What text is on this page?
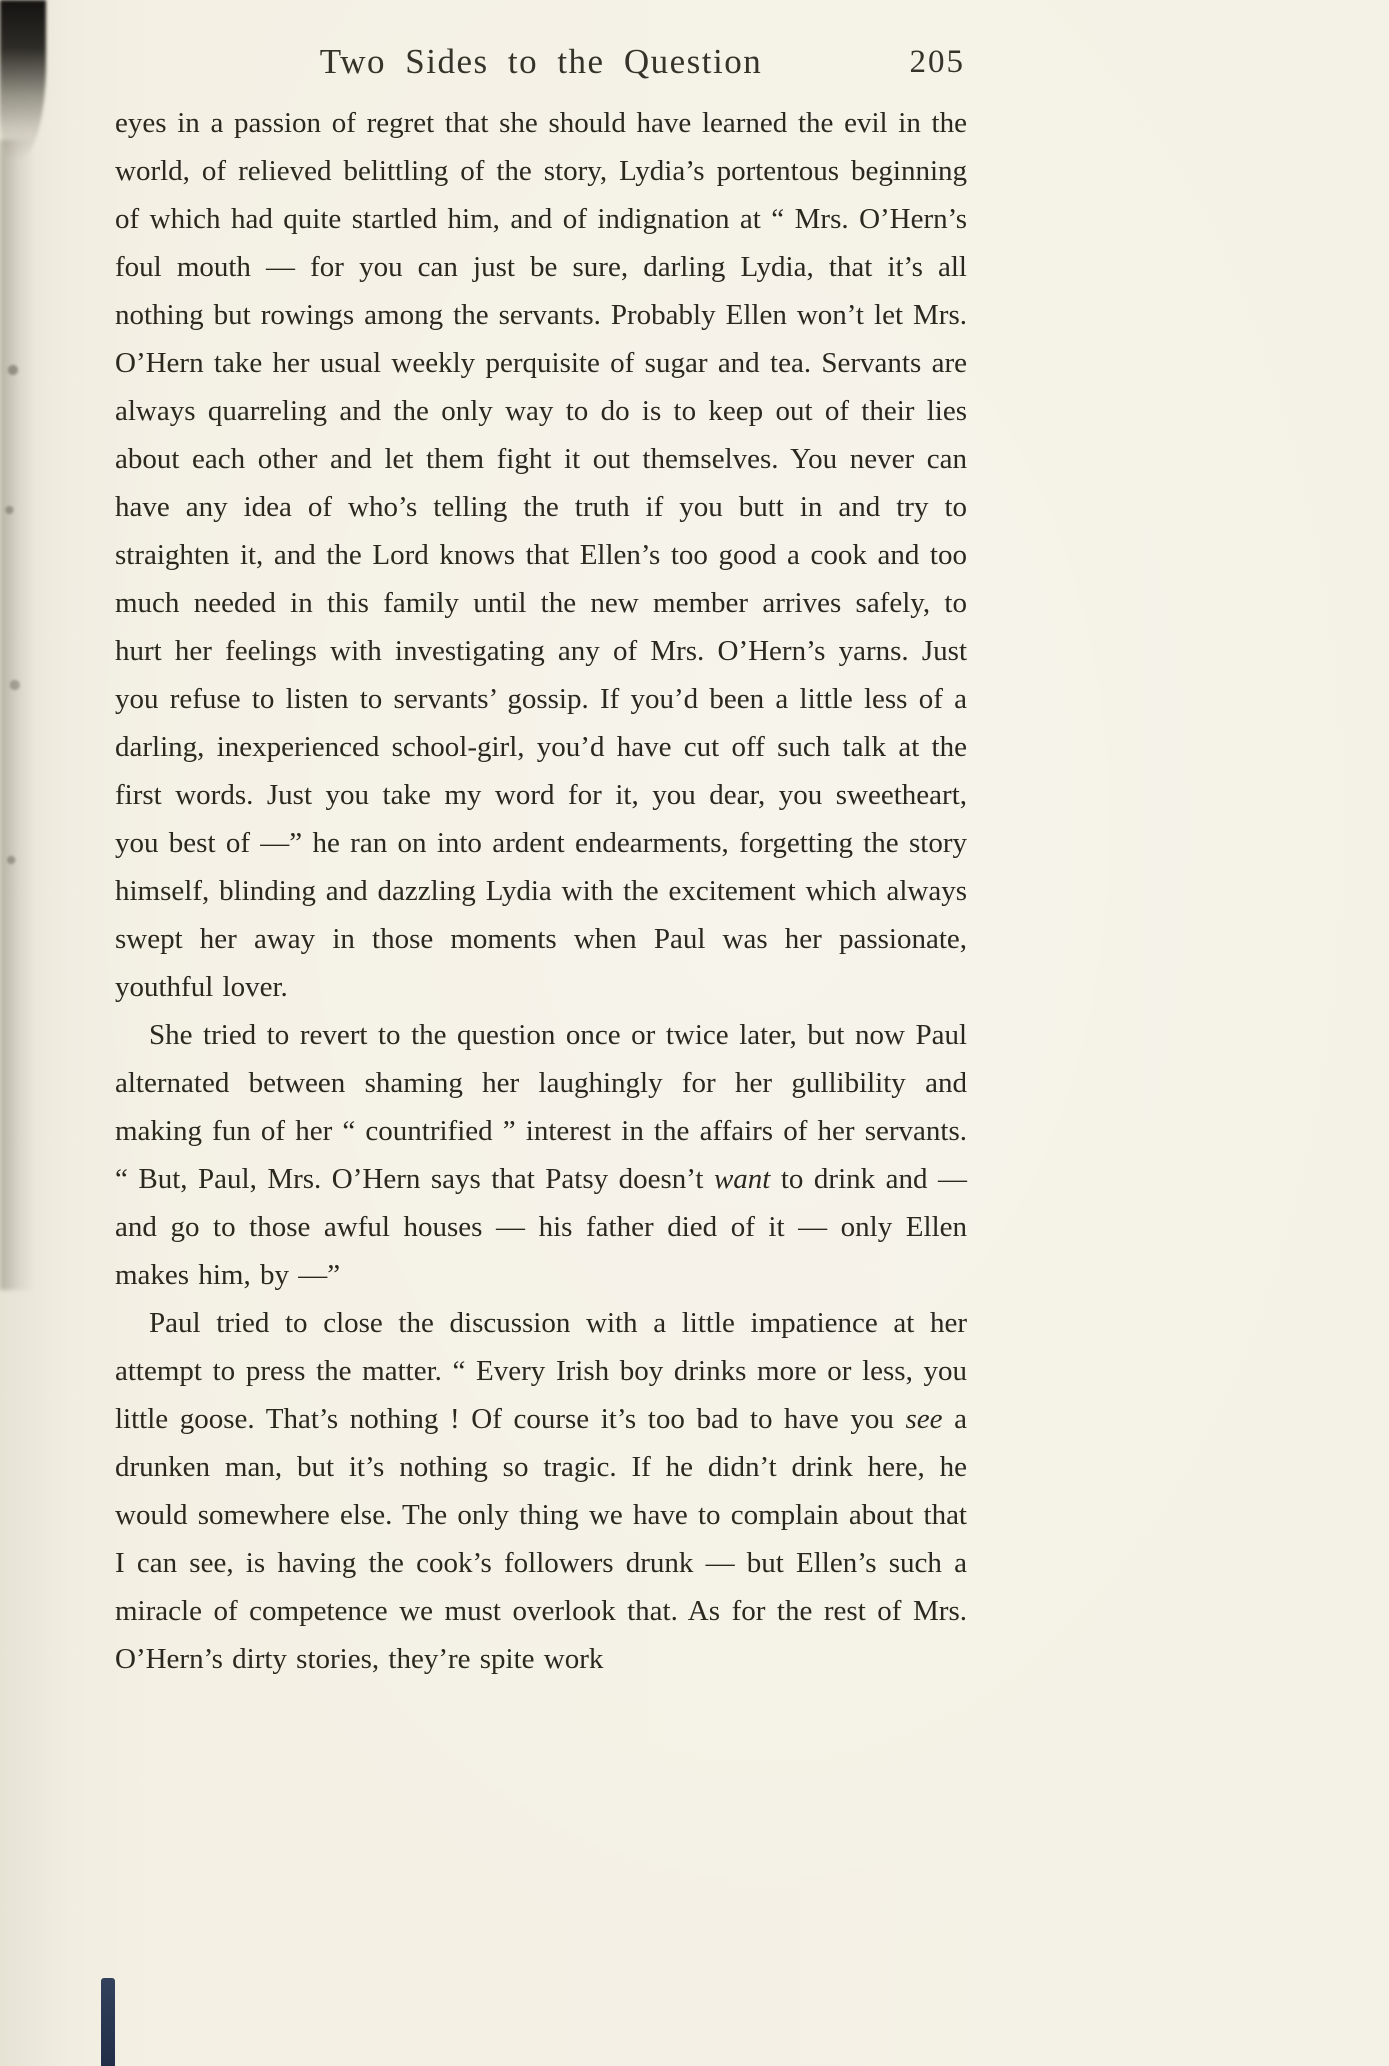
Two Sides to the Question	205

eyes in a passion of regret that she should have learned the evil in the world, of relieved belittling of the story, Lydia’s portentous beginning of which had quite startled him, and of indignation at “ Mrs. O’Hern’s foul mouth — for you can just be sure, darling Lydia, that it’s all nothing but rowings among the servants. Probably Ellen won’t let Mrs. O’Hern take her usual weekly perquisite of sugar and tea. Servants are always quarreling and the only way to do is to keep out of their lies about each other and let them fight it out themselves. You never can have any idea of who’s telling the truth if you butt in and try to straighten it, and the Lord knows that Ellen’s too good a cook and too much needed in this family until the new member arrives safely, to hurt her feelings with investigating any of Mrs. O’Hern’s yarns. Just you refuse to listen to servants’ gossip. If you’d been a little less of a darling, inexperienced school-girl, you’d have cut off such talk at the first words. Just you take my word for it, you dear, you sweetheart, you best of —” he ran on into ardent endearments, forgetting the story himself, blinding and dazzling Lydia with the excitement which always swept her away in those moments when Paul was her passionate, youthful lover.

She tried to revert to the question once or twice later, but now Paul alternated between shaming her laughingly for her gullibility and making fun of her “ countrified ” interest in the affairs of her servants. “ But, Paul, Mrs. O’Hern says that Patsy doesn’t want to drink and — and go to those awful houses — his father died of it — only Ellen makes him, by —”

Paul tried to close the discussion with a little impatience at her attempt to press the matter. “ Every Irish boy drinks more or less, you little goose. That’s nothing ! Of course it’s too bad to have you see a drunken man, but it’s nothing so tragic. If he didn’t drink here, he would somewhere else. The only thing we have to complain about that I can see, is having the cook’s followers drunk — but Ellen’s such a miracle of competence we must overlook that. As for the rest of Mrs. O’Hern’s dirty stories, they’re spite work
